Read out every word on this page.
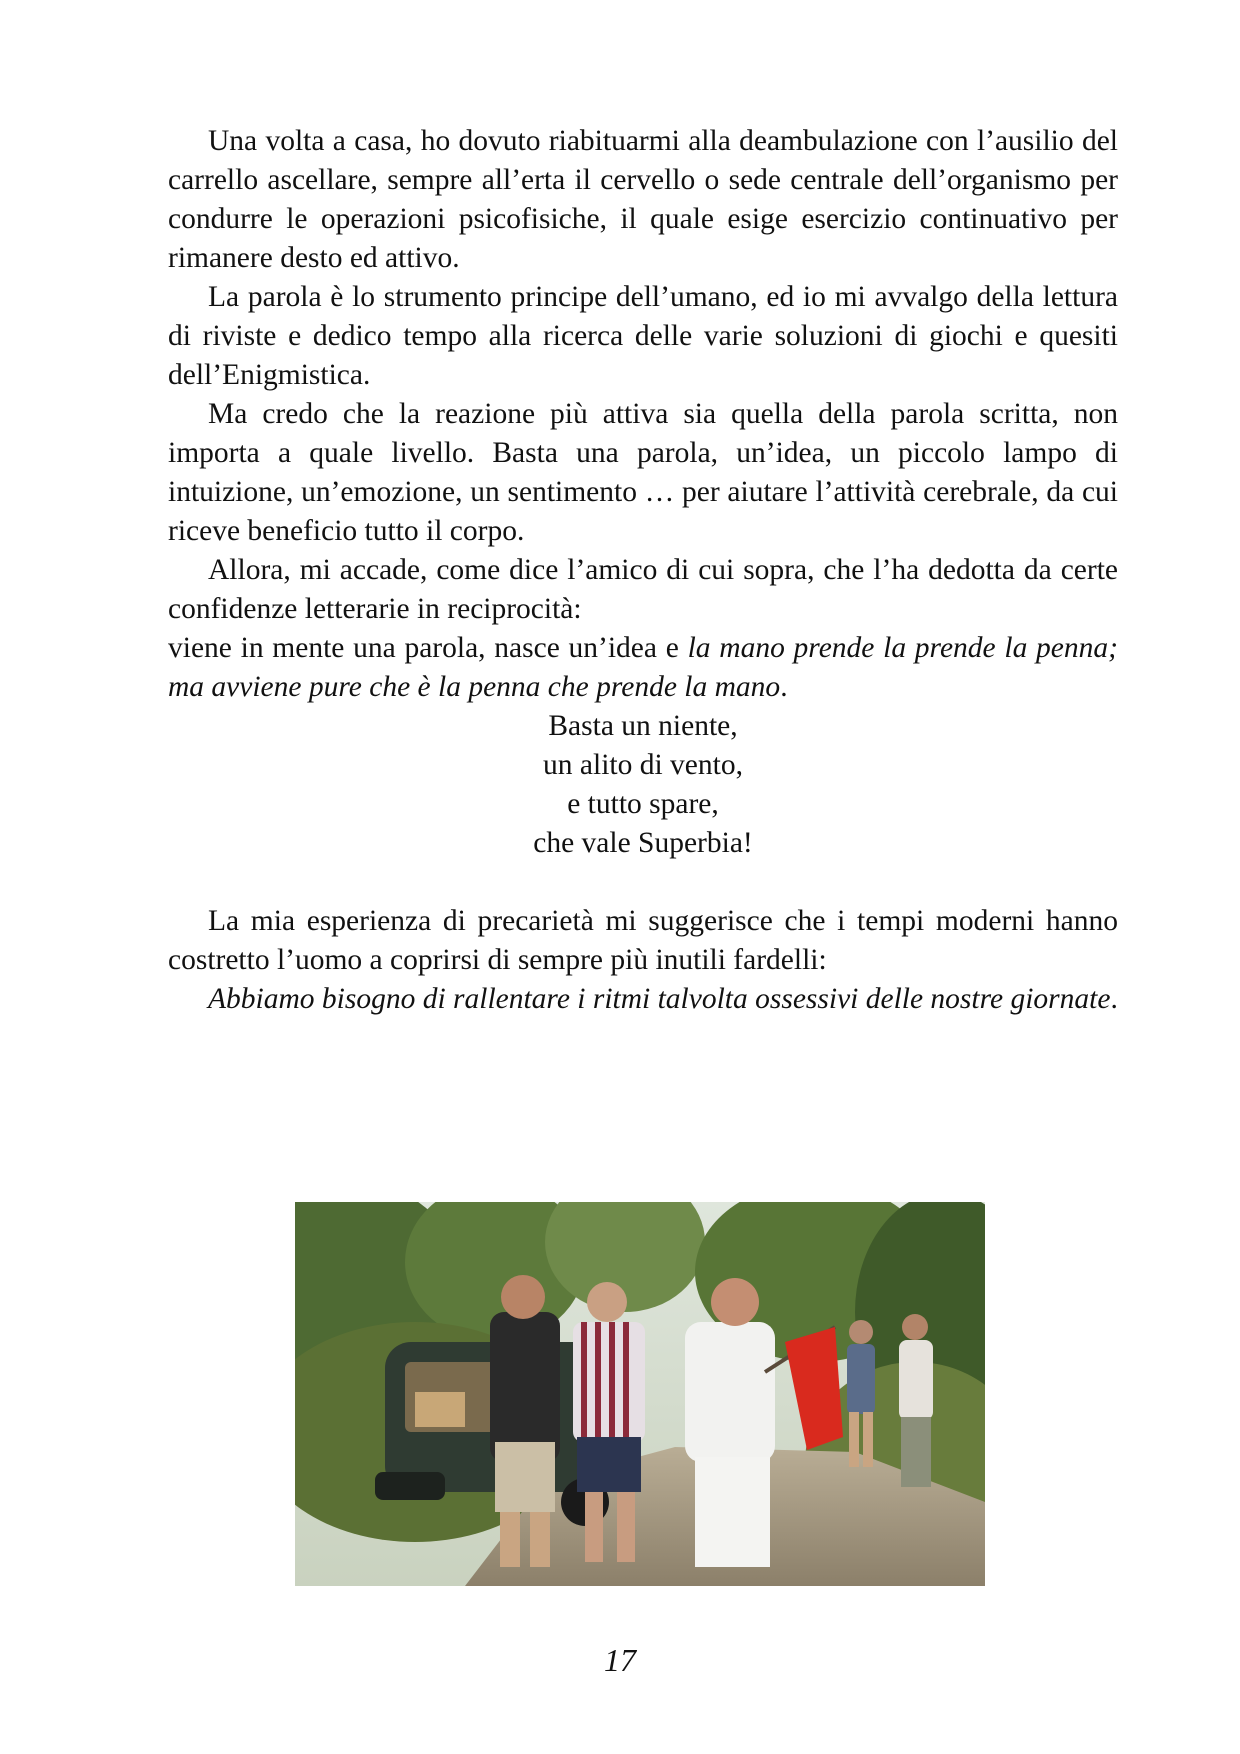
Una volta a casa, ho dovuto riabituarmi alla deambulazione con l’ausilio del carrello ascellare, sempre all’erta il cervello o sede centrale dell’organismo per condurre le operazioni psicofisiche, il quale esige esercizio continuativo per rimanere desto ed attivo.

La parola è lo strumento principe dell’umano, ed io mi avvalgo della lettura di riviste e dedico tempo alla ricerca delle varie soluzioni di giochi e quesiti dell’Enigmistica.

Ma credo che la reazione più attiva sia quella della parola scritta, non importa a quale livello. Basta una parola, un’idea, un piccolo lampo di intuizione, un’emozione, un sentimento … per aiutare l’attività cerebrale, da cui riceve beneficio tutto il corpo.

Allora, mi accade, come dice l’amico di cui sopra, che l’ha dedotta da certe confidenze letterarie in reciprocità:

viene in mente una parola, nasce un’idea e la mano prende la prende la penna; ma avviene pure che è la penna che prende la mano.

Basta un niente,
un alito di vento,
e tutto spare,
che vale Superbia!

La mia esperienza di precarietà mi suggerisce che i tempi moderni hanno costretto l’uomo a coprirsi di sempre più inutili fardelli:

Abbiamo bisogno di rallentare i ritmi talvolta ossessivi delle nostre giornate.

17
